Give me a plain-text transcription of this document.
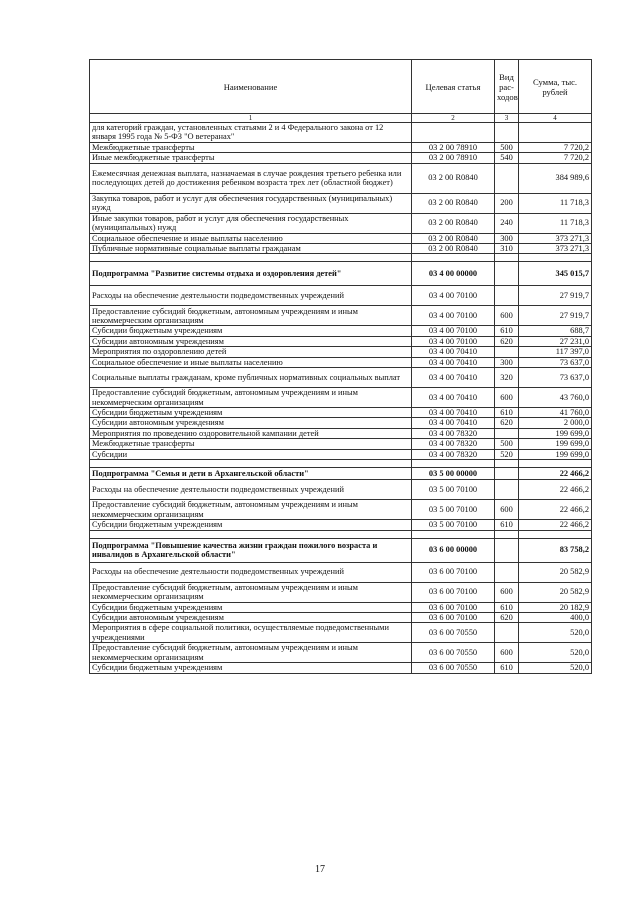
Наименование	Целевая статья	Вид рас-ходов	Сумма, тыс. рублей
1	2	3	4
для категорий граждан, установленных статьями 2 и 4 Федерального закона от 12 января 1995 года № 5-ФЗ "О ветеранах"			
Межбюджетные трансферты	03 2 00 78910	500	7 720,2
Иные межбюджетные трансферты	03 2 00 78910	540	7 720,2
Ежемесячная денежная выплата, назначаемая в случае рождения третьего ребенка или последующих детей до достижения ребенком возраста трех лет (областной бюджет)	03 2 00 R0840		384 989,6
Закупка товаров, работ и услуг для обеспечения государственных (муниципальных) нужд	03 2 00 R0840	200	11 718,3
Иные закупки товаров, работ и услуг для обеспечения государственных (муниципальных) нужд	03 2 00 R0840	240	11 718,3
Социальное обеспечение и иные выплаты населению	03 2 00 R0840	300	373 271,3
Публичные нормативные социальные выплаты гражданам	03 2 00 R0840	310	373 271,3

Подпрограмма "Развитие системы отдыха и оздоровления детей"	03 4 00 00000		345 015,7
Расходы на обеспечение деятельности подведомственных учреждений	03 4 00 70100		27 919,7
Предоставление субсидий бюджетным, автономным учреждениям и иным некоммерческим организациям	03 4 00 70100	600	27 919,7
Субсидии бюджетным учреждениям	03 4 00 70100	610	688,7
Субсидии автономным учреждениям	03 4 00 70100	620	27 231,0
Мероприятия по оздоровлению детей	03 4 00 70410		117 397,0
Социальное обеспечение и иные выплаты населению	03 4 00 70410	300	73 637,0
Социальные выплаты гражданам, кроме публичных нормативных социальных выплат	03 4 00 70410	320	73 637,0
Предоставление субсидий бюджетным, автономным учреждениям и иным некоммерческим организациям	03 4 00 70410	600	43 760,0
Субсидии бюджетным учреждениям	03 4 00 70410	610	41 760,0
Субсидии автономным учреждениям	03 4 00 70410	620	2 000,0
Мероприятия по проведению оздоровительной кампании детей	03 4 00 78320		199 699,0
Межбюджетные трансферты	03 4 00 78320	500	199 699,0
Субсидии	03 4 00 78320	520	199 699,0

Подпрограмма "Семья и дети в Архангельской области"	03 5 00 00000		22 466,2
Расходы на обеспечение деятельности подведомственных учреждений	03 5 00 70100		22 466,2
Предоставление субсидий бюджетным, автономным учреждениям и иным некоммерческим организациям	03 5 00 70100	600	22 466,2
Субсидии бюджетным учреждениям	03 5 00 70100	610	22 466,2

Подпрограмма "Повышение качества жизни граждан пожилого возраста и инвалидов в Архангельской области"	03 6 00 00000		83 758,2
Расходы на обеспечение деятельности подведомственных учреждений	03 6 00 70100		20 582,9
Предоставление субсидий бюджетным, автономным учреждениям и иным некоммерческим организациям	03 6 00 70100	600	20 582,9
Субсидии бюджетным учреждениям	03 6 00 70100	610	20 182,9
Субсидии автономным учреждениям	03 6 00 70100	620	400,0
Мероприятия в сфере социальной политики, осуществляемые подведомственными учреждениями	03 6 00 70550		520,0
Предоставление субсидий бюджетным, автономным учреждениям и иным некоммерческим организациям	03 6 00 70550	600	520,0
Субсидии бюджетным учреждениям	03 6 00 70550	610	520,0
17
